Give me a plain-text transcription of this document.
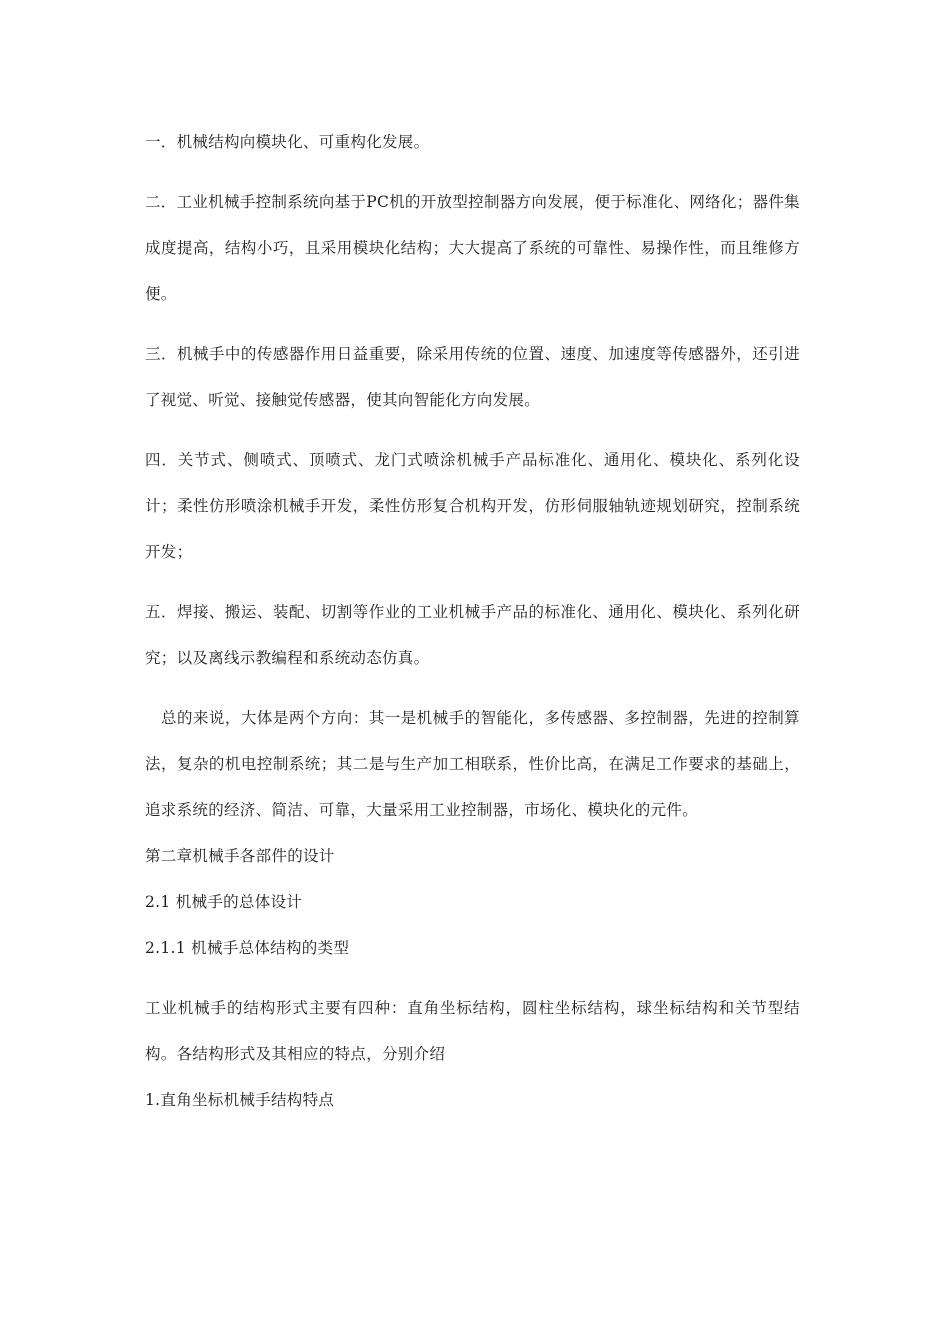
一．机械结构向模块化、可重构化发展。

二．工业机械手控制系统向基于PC机的开放型控制器方向发展，便于标准化、网络化；器件集成度提高，结构小巧，且采用模块化结构；大大提高了系统的可靠性、易操作性，而且维修方便。

三．机械手中的传感器作用日益重要，除采用传统的位置、速度、加速度等传感器外，还引进了视觉、听觉、接触觉传感器，使其向智能化方向发展。

四．关节式、侧喷式、顶喷式、龙门式喷涂机械手产品标准化、通用化、模块化、系列化设计；柔性仿形喷涂机械手开发，柔性仿形复合机构开发，仿形伺服轴轨迹规划研究，控制系统开发；

五．焊接、搬运、装配、切割等作业的工业机械手产品的标准化、通用化、模块化、系列化研究；以及离线示教编程和系统动态仿真。

总的来说，大体是两个方向：其一是机械手的智能化，多传感器、多控制器，先进的控制算法，复杂的机电控制系统；其二是与生产加工相联系，性价比高，在满足工作要求的基础上，追求系统的经济、简洁、可靠，大量采用工业控制器，市场化、模块化的元件。

第二章机械手各部件的设计

2.1 机械手的总体设计

2.1.1 机械手总体结构的类型

工业机械手的结构形式主要有四种：直角坐标结构，圆柱坐标结构，球坐标结构和关节型结构。各结构形式及其相应的特点，分别介绍

1.直角坐标机械手结构特点
